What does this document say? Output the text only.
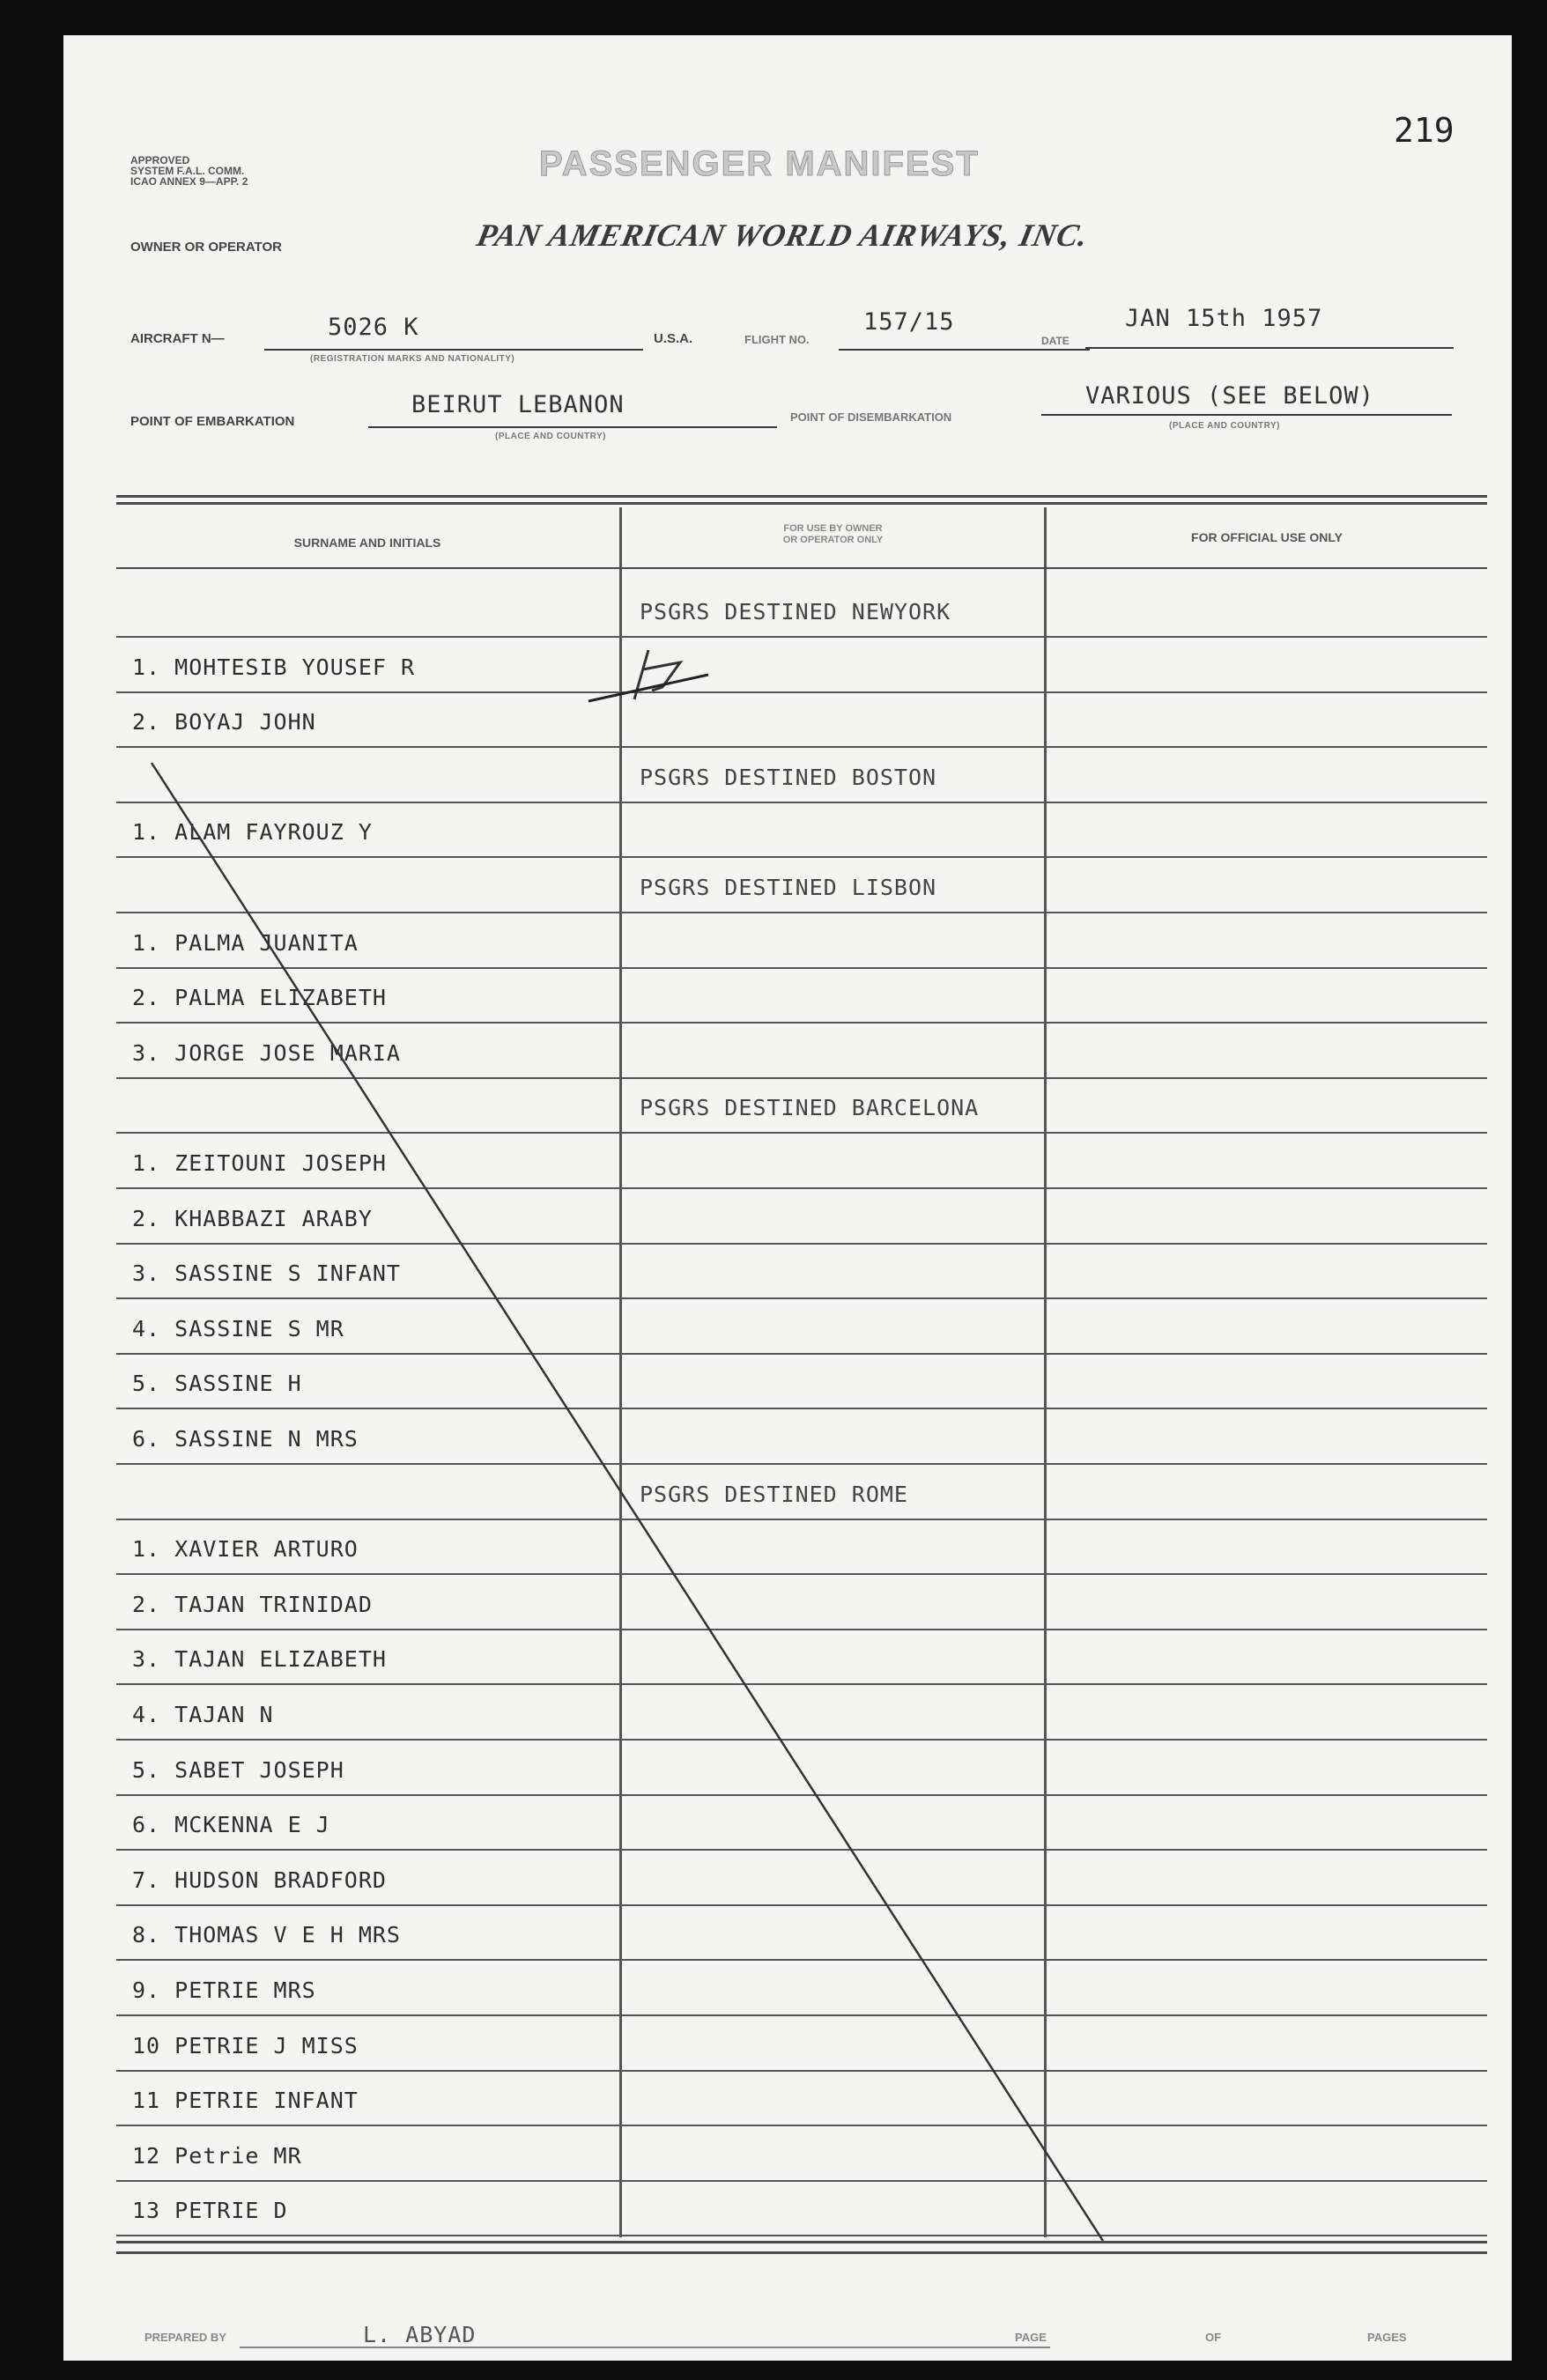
APPROVED
SYSTEM F.A.L. COMM.
ICAO ANNEX 9—APP. 2	PASSENGER MANIFEST
219
OWNER OR OPERATOR	PAN AMERICAN WORLD AIRWAYS, INC.
AIRCRAFT N—	5026 K
(REGISTRATION MARKS AND NATIONALITY)
U.S.A.	FLIGHT NO.
157/15
DATE
JAN 15th 1957
POINT OF EMBARKATION
BEIRUT LEBANON
(PLACE AND COUNTRY)
POINT OF DISEMBARKATION
VARIOUS (SEE BELOW)
(PLACE AND COUNTRY)
SURNAME AND INITIALS
FOR USE BY OWNER
OR OPERATOR ONLY	FOR OFFICIAL USE ONLY
PSGRS DESTINED NEWYORK
1. MOHTESIB YOUSEF R
2. BOYAJ JOHN
PSGRS DESTINED BOSTON
1. ALAM FAYROUZ Y
PSGRS DESTINED LISBON
1. PALMA JUANITA
2. PALMA ELIZABETH
3. JORGE JOSE MARIA
PSGRS DESTINED BARCELONA
1. ZEITOUNI JOSEPH
2. KHABBAZI ARABY
3. SASSINE S INFANT
4. SASSINE S MR
5. SASSINE H
6. SASSINE N MRS
PSGRS DESTINED ROME
1. XAVIER ARTURO
2. TAJAN TRINIDAD
3. TAJAN ELIZABETH
4. TAJAN N
5. SABET JOSEPH
6. MCKENNA E J
7. HUDSON BRADFORD
8. THOMAS V E H MRS
9. PETRIE MRS
10 PETRIE J MISS
11 PETRIE INFANT
12 Petrie MR
13 PETRIE D
PREPARED BY	L. ABYAD	PAGE	OF	PAGES
